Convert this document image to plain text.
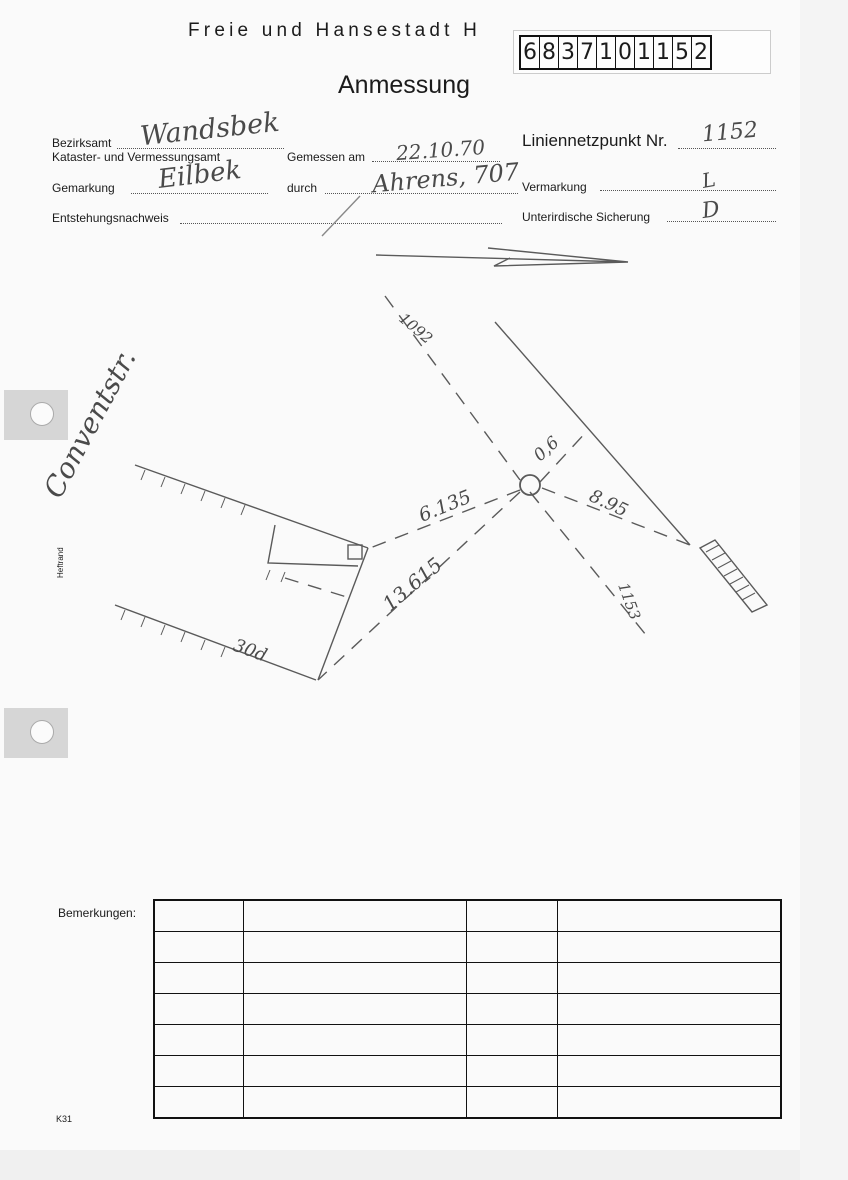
Freie und Hansestadt H
6 8 3 7 1 0 1 1 5 2
Anmessung
Bezirksamt Wandsbek
Kataster- und Vermessungsamt
Gemarkung Eilbek
Entstehungsnachweis
Gemessen am 22.10.70
durch Ahrens, 707
Liniennetzpunkt Nr. 1152
Vermarkung	L
Unterirdische Sicherung D
Conventstr.
1092
1153
0,6
6.135	8.95
13.615
30d
Heftrand
Bemerkungen:

K31
